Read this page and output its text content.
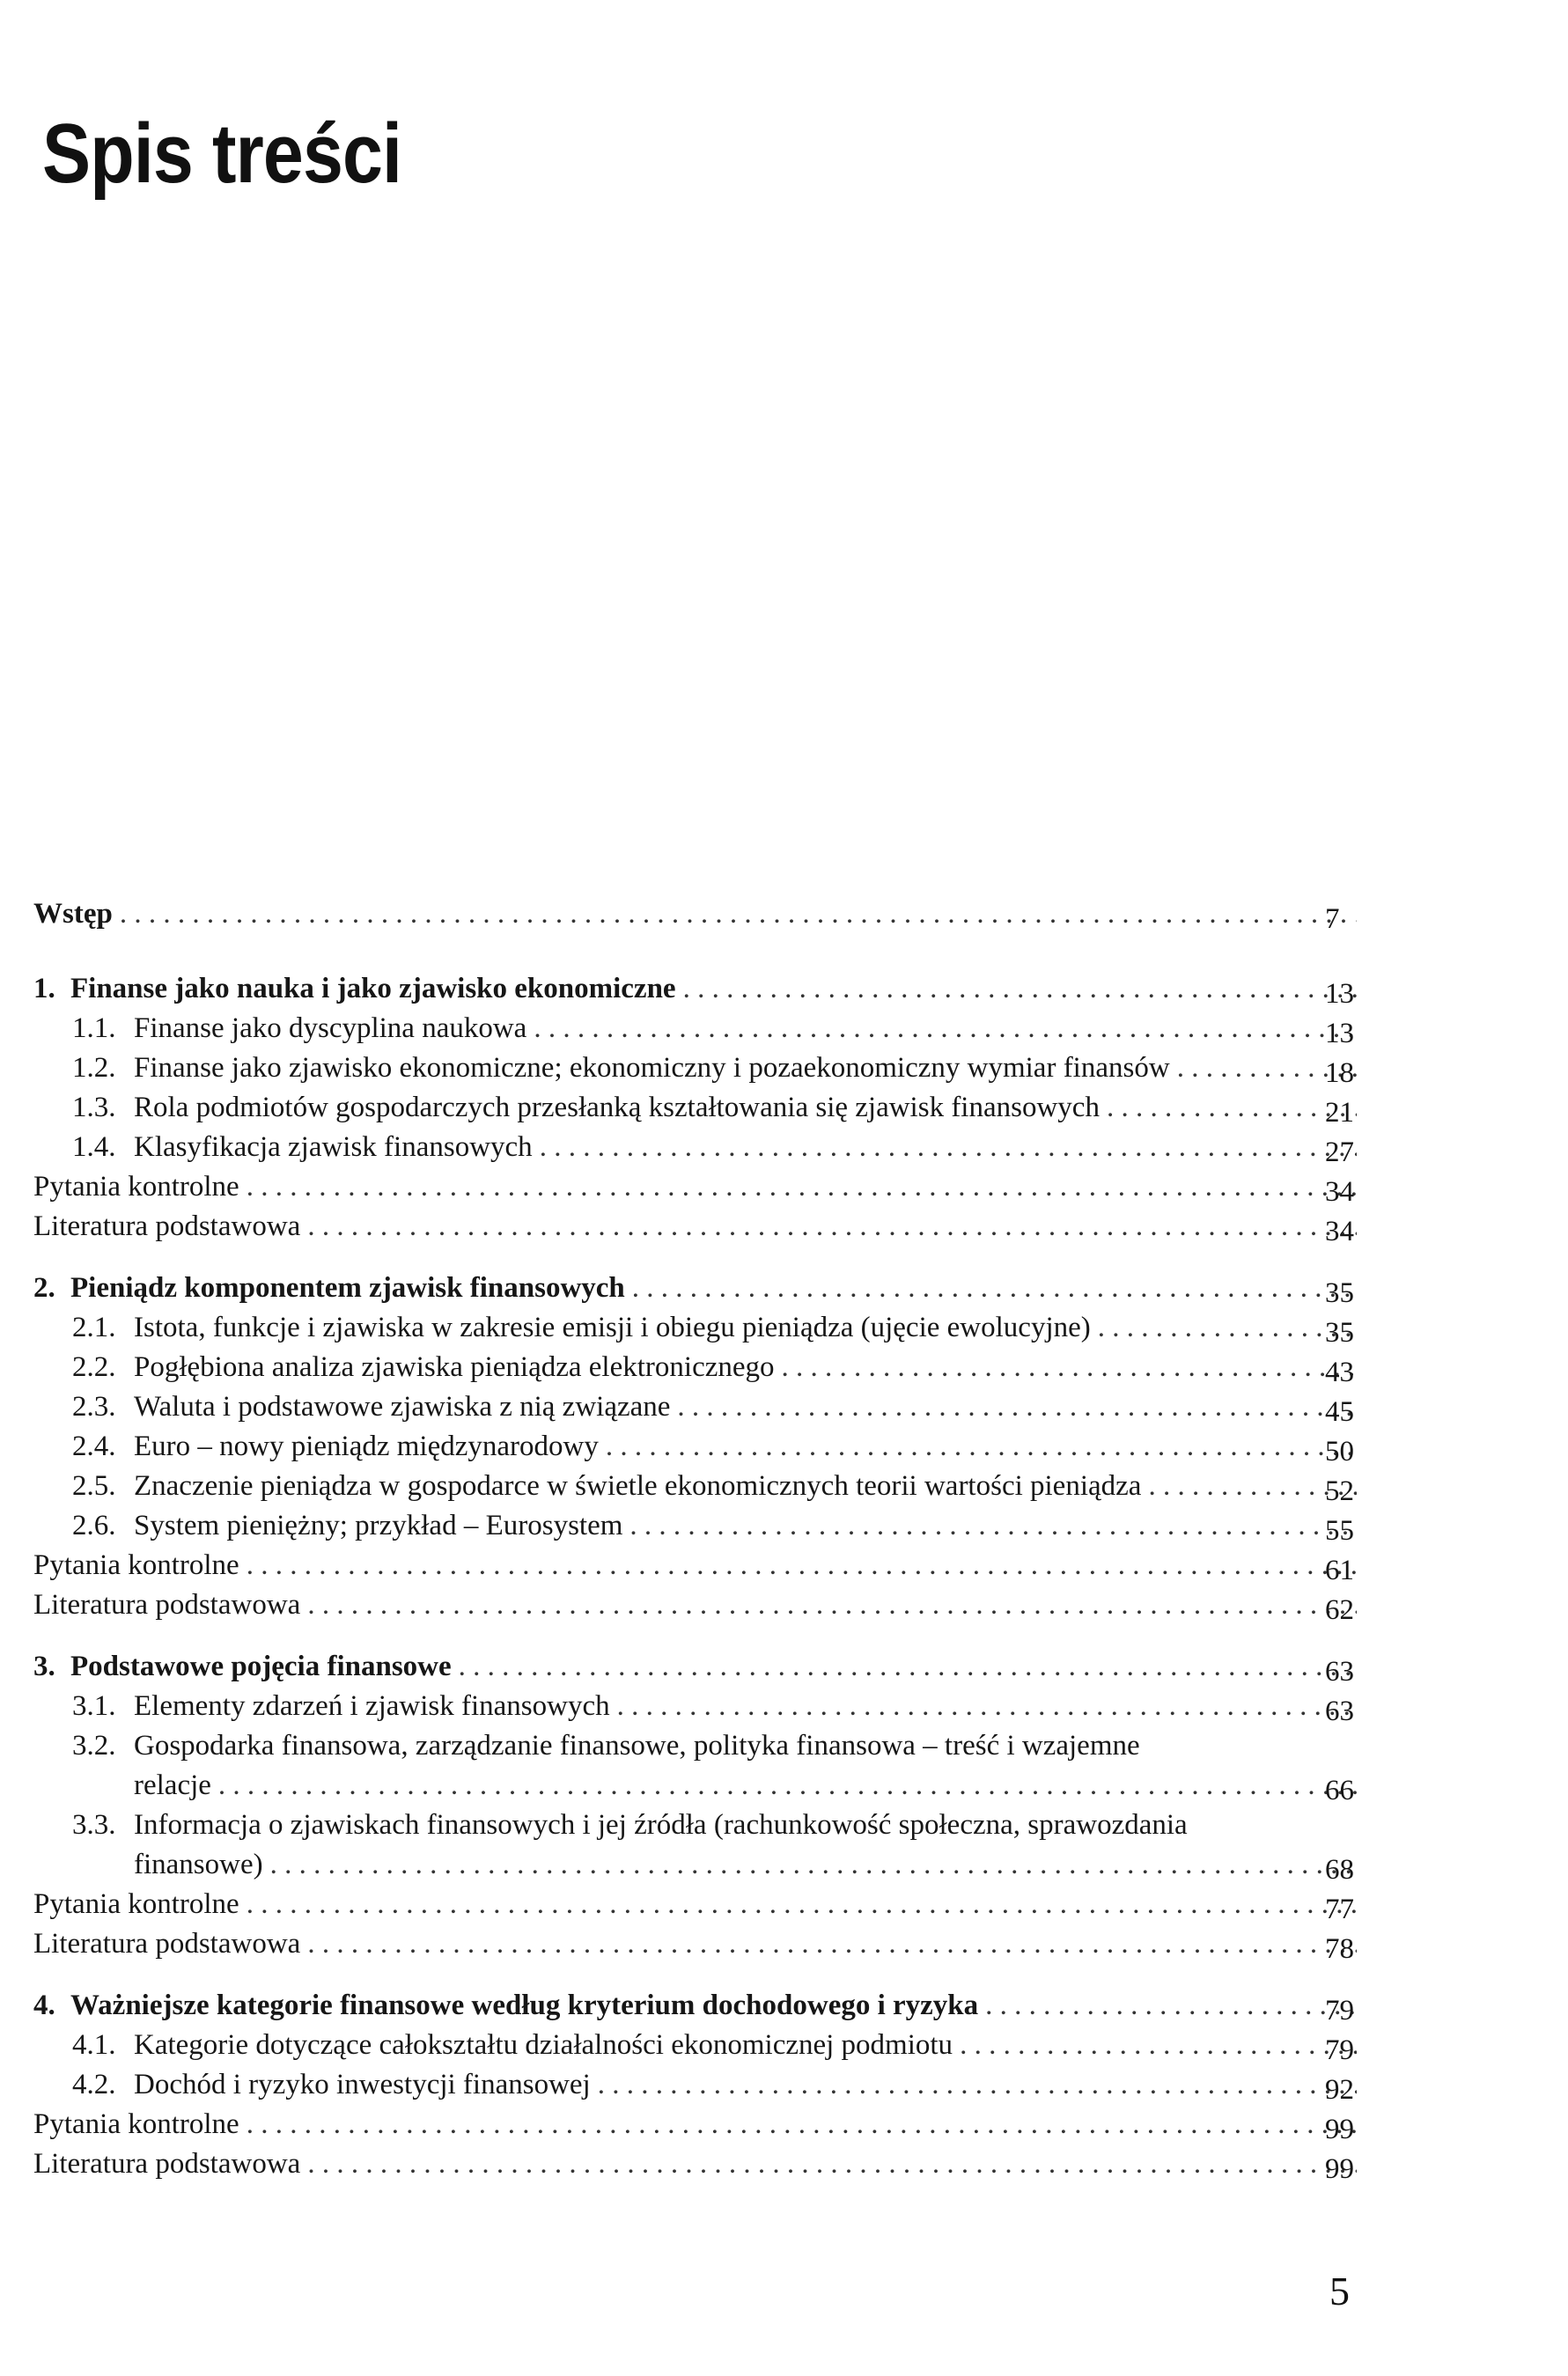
Spis treści
Wstęp . . .	7
1. Finanse jako nauka i jako zjawisko ekonomiczne . . .	13
1.1. Finanse jako dyscyplina naukowa . . .	13
1.2. Finanse jako zjawisko ekonomiczne; ekonomiczny i pozaekonomiczny wymiar finansów . . .	18
1.3. Rola podmiotów gospodarczych przesłanką kształtowania się zjawisk finansowych . . .	21
1.4. Klasyfikacja zjawisk finansowych . . .	27
Pytania kontrolne . . .	34
Literatura podstawowa . . .	34
2. Pieniądz komponentem zjawisk finansowych . . .	35
2.1. Istota, funkcje i zjawiska w zakresie emisji i obiegu pieniądza (ujęcie ewolucyjne) . . .	35
2.2. Pogłębiona analiza zjawiska pieniądza elektronicznego . . .	43
2.3. Waluta i podstawowe zjawiska z nią związane . . .	45
2.4. Euro – nowy pieniądz międzynarodowy . . .	50
2.5. Znaczenie pieniądza w gospodarce w świetle ekonomicznych teorii wartości pieniądza . . .	52
2.6. System pieniężny; przykład – Eurosystem . . .	55
Pytania kontrolne . . .	61
Literatura podstawowa . . .	62
3. Podstawowe pojęcia finansowe . . .	63
3.1. Elementy zdarzeń i zjawisk finansowych . . .	63
3.2. Gospodarka finansowa, zarządzanie finansowe, polityka finansowa – treść i wzajemne
relacje . . .	66
3.3. Informacja o zjawiskach finansowych i jej źródła (rachunkowość społeczna, sprawozdania
finansowe) . . .	68
Pytania kontrolne . . .	77
Literatura podstawowa . . .	78
4. Ważniejsze kategorie finansowe według kryterium dochodowego i ryzyka . . .	79
4.1. Kategorie dotyczące całokształtu działalności ekonomicznej podmiotu . . .	79
4.2. Dochód i ryzyko inwestycji finansowej . . .	92
Pytania kontrolne . . .	99
Literatura podstawowa . . .	99
5
